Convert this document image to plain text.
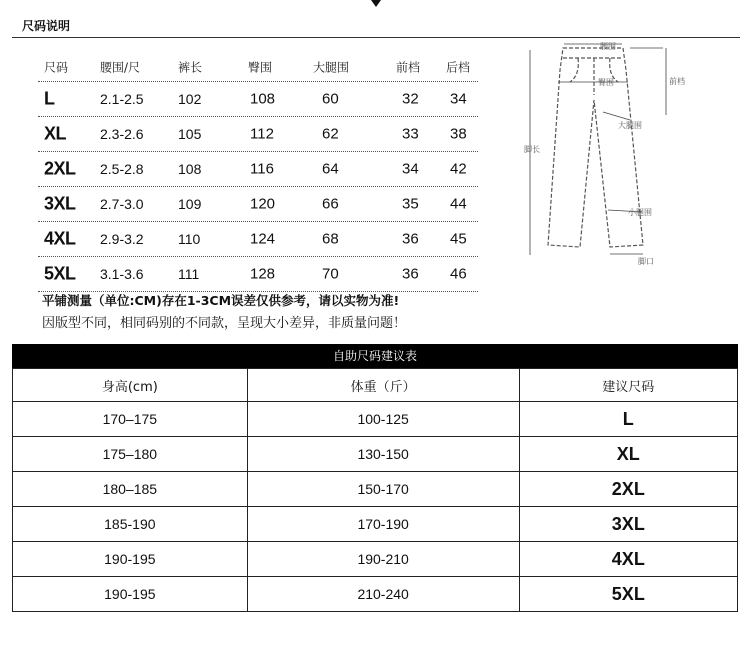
尺码说明
尺码	腰围/尺	裤长	臀围	大腿围	前档 后档
L	2.1-2.5 102	108	60	32 34
XL 2.3-2.6 105	112	62	33 38
2XL 2.5-2.8 108	116	64	34 42
3XL 2.7-3.0 109	120	66	35 44
4XL 2.9-3.2 110	124	68	36 45
5XL 3.1-3.6 111	128	70	36 46
平铺测量（单位:CM)存在1-3CM误差仅供参考，请以实物为准!
因版型不同，相同码别的不同款，呈现大小差异，非质量问题！
腰围
臀围	前档
大腿围
脚长
小腿围
脚口
自助尺码建议表
身高(cm)	体重（斤）	建议尺码
170–175	100-125	L
175–180	130-150	XL
180–185	150-170	2XL
185-190	170-190	3XL
190-195	190-210	4XL
190-195	210-240	5XL
